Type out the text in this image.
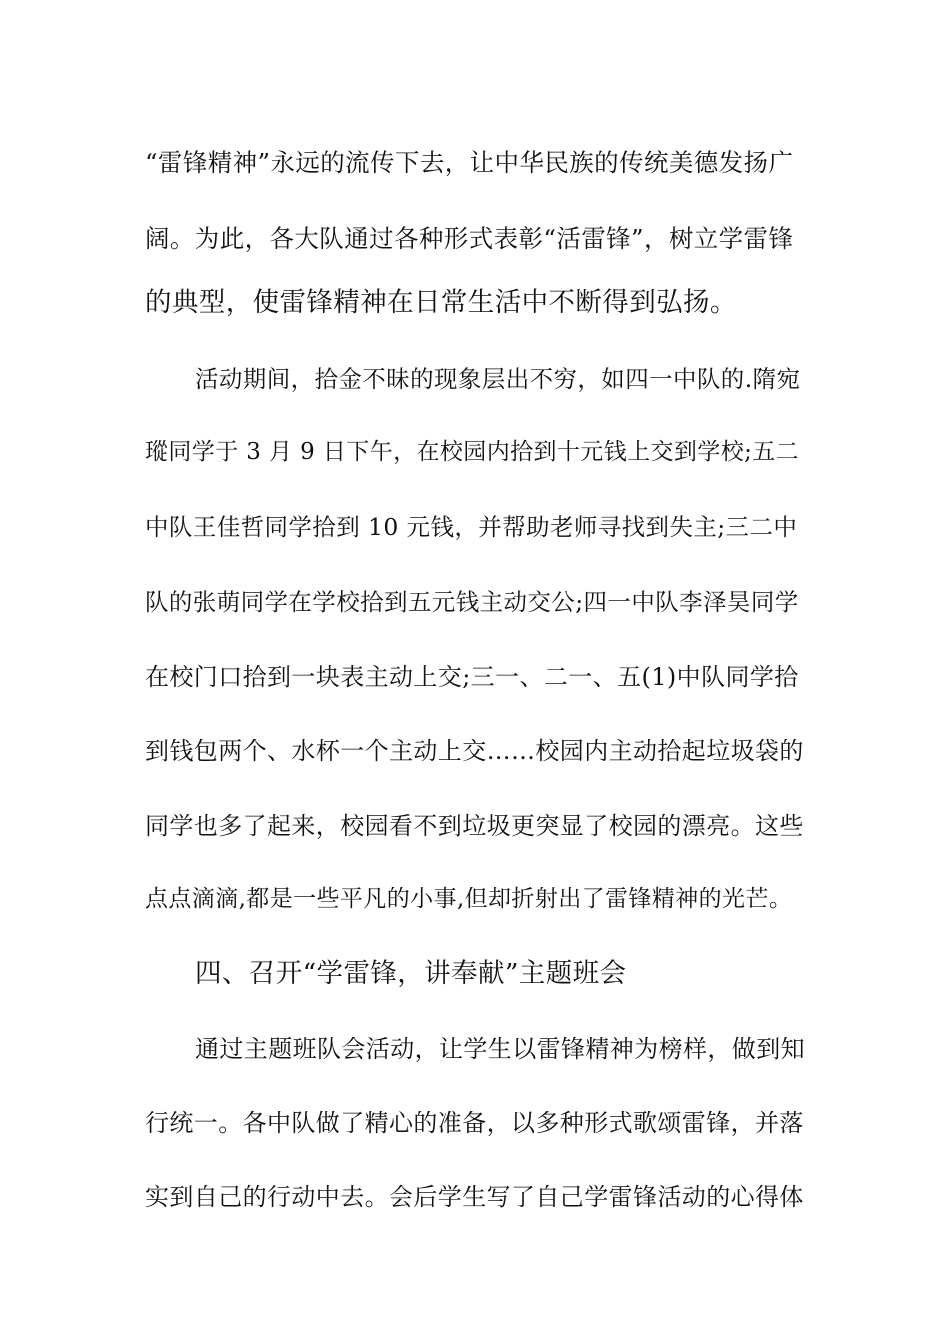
“雷锋精神”永远的流传下去，让中华民族的传统美德发扬广
阔。为此，各大队通过各种形式表彰“活雷锋”，树立学雷锋
的典型，使雷锋精神在日常生活中不断得到弘扬。
活动期间，拾金不昧的现象层出不穷，如四一中队的.隋宛
瑽同学于 3 月 9 日下午，在校园内拾到十元钱上交到学校;五二
中队王佳哲同学拾到 10 元钱，并帮助老师寻找到失主;三二中
队的张萌同学在学校拾到五元钱主动交公;四一中队李泽昊同学
在校门口拾到一块表主动上交;三一、二一、五(1)中队同学拾
到钱包两个、水杯一个主动上交……校园内主动拾起垃圾袋的
同学也多了起来，校园看不到垃圾更突显了校园的漂亮。这些
点点滴滴,都是一些平凡的小事,但却折射出了雷锋精神的光芒。
四、召开“学雷锋，讲奉献”主题班会
通过主题班队会活动，让学生以雷锋精神为榜样，做到知
行统一。各中队做了精心的准备，以多种形式歌颂雷锋，并落
实到自己的行动中去。会后学生写了自己学雷锋活动的心得体
